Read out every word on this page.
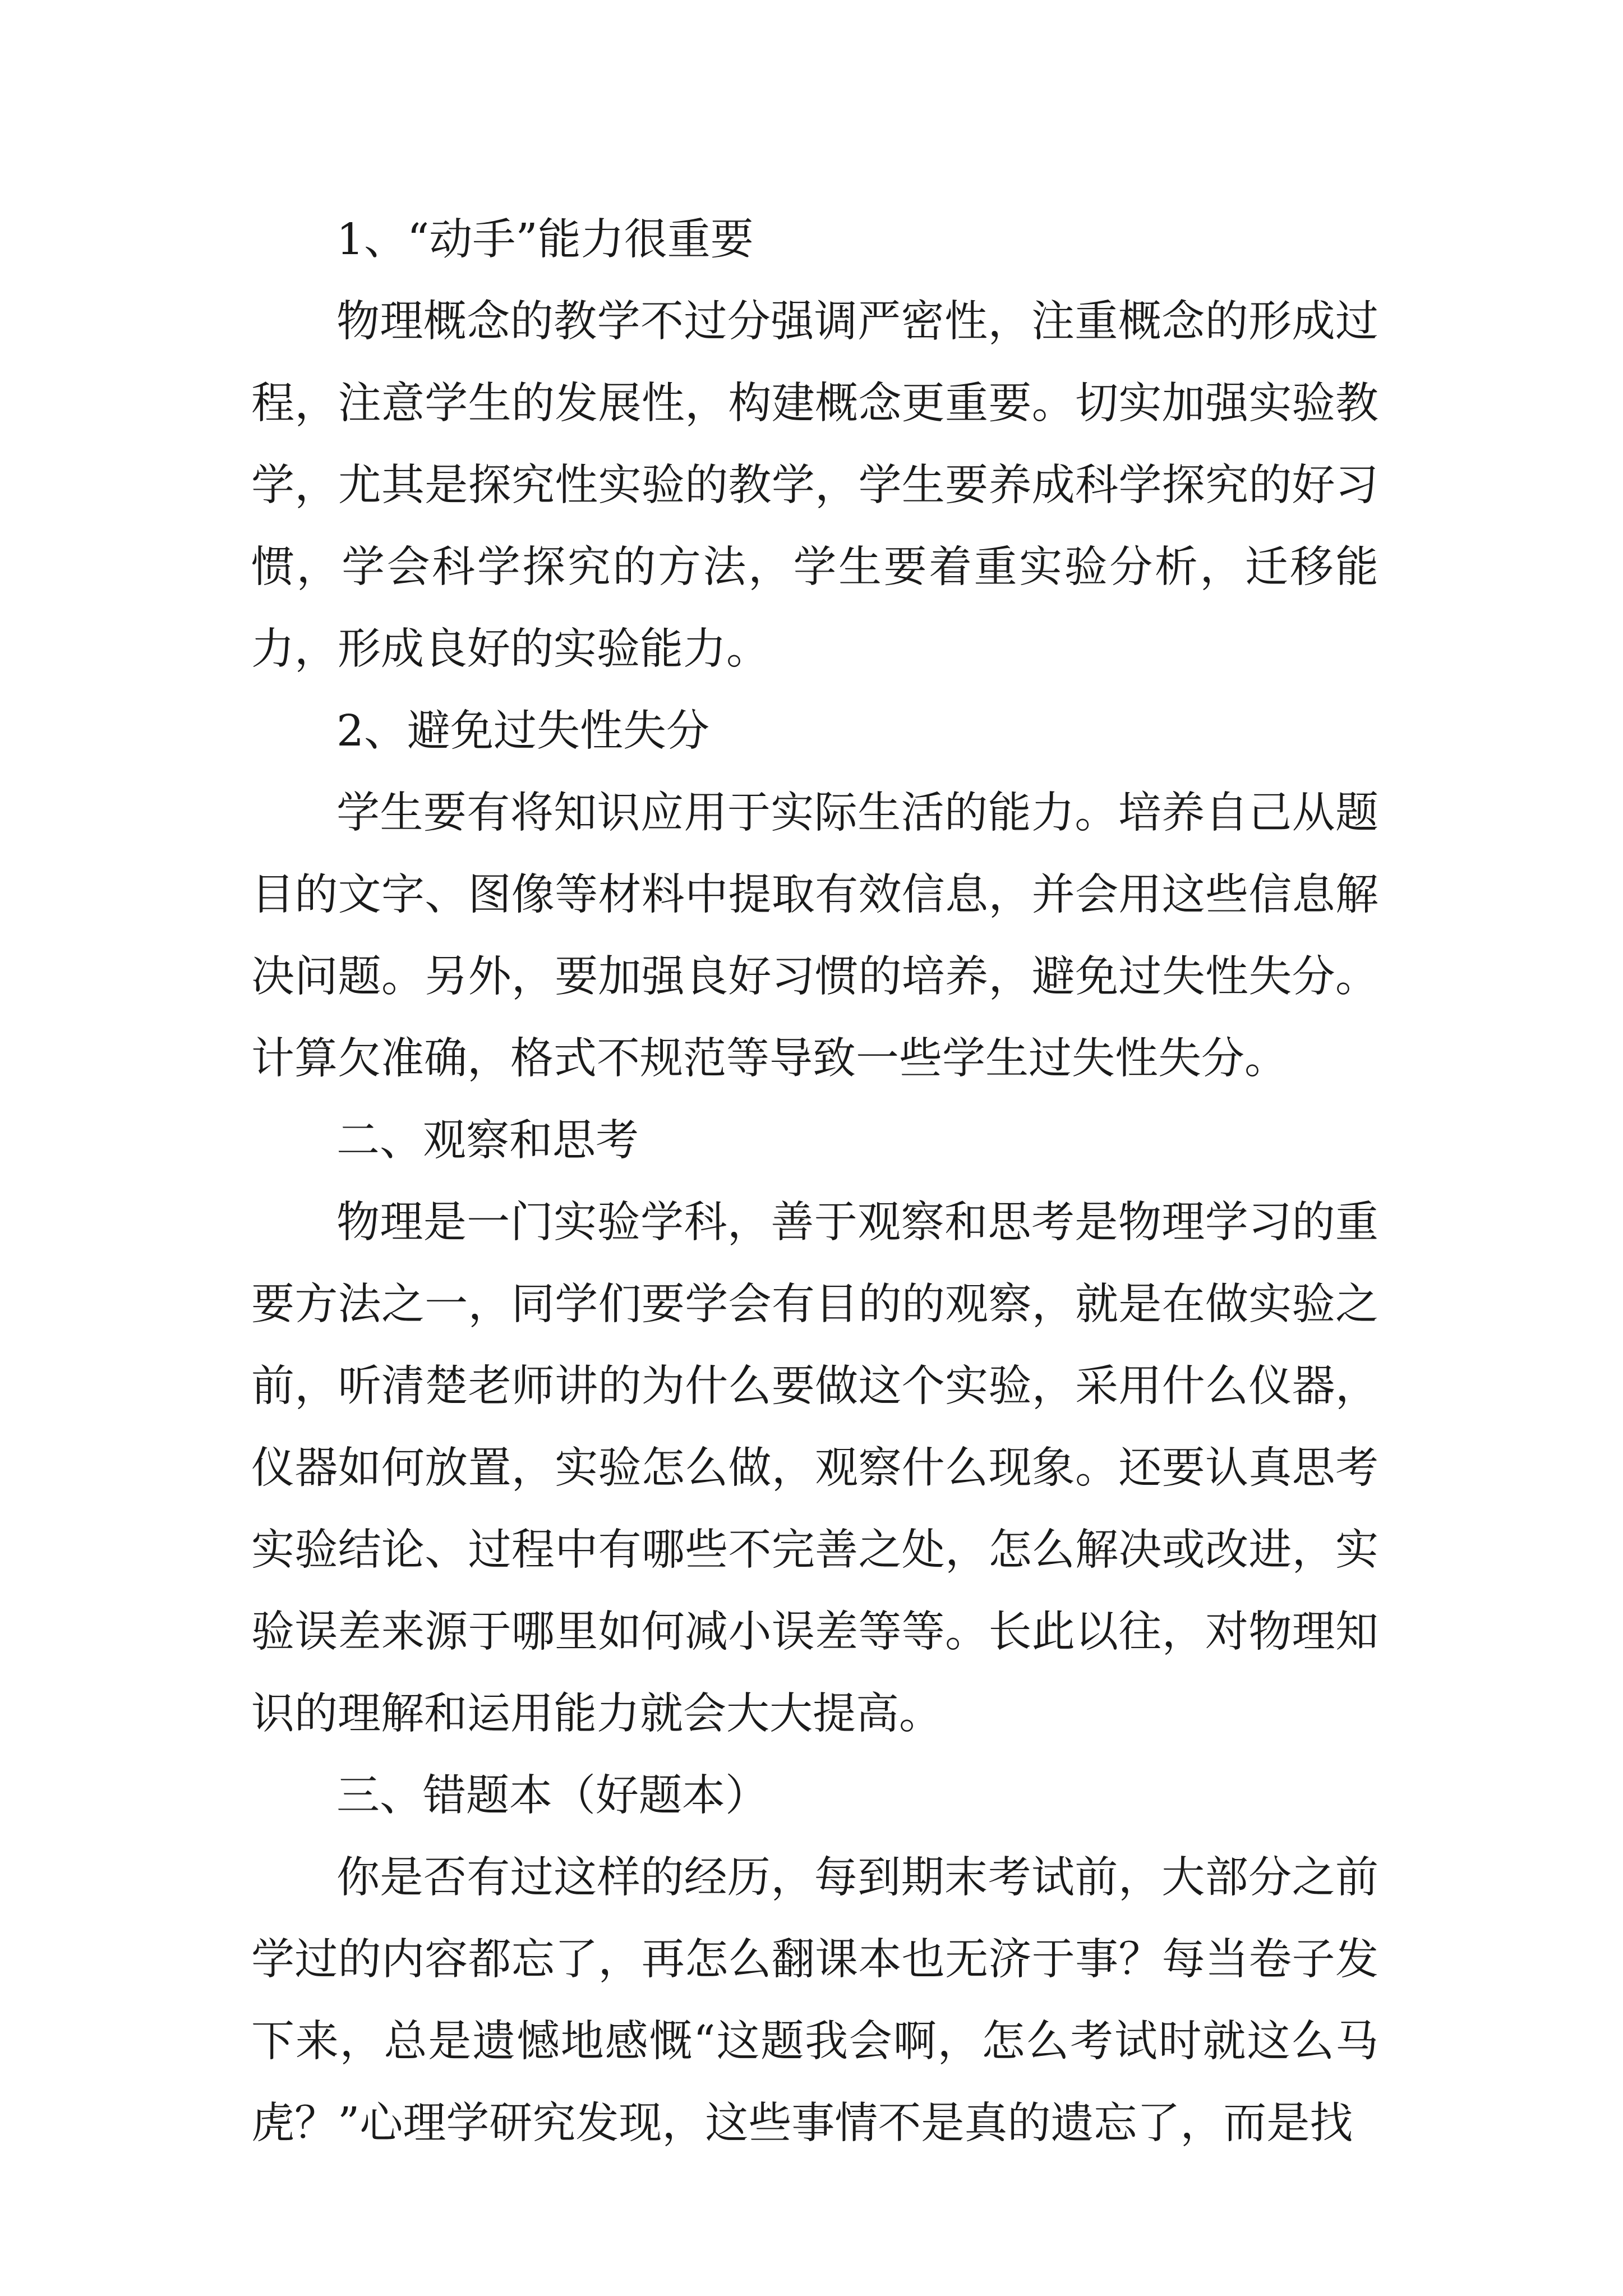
1、“动手”能力很重要

物理概念的教学不过分强调严密性，注重概念的形成过程，注意学生的发展性，构建概念更重要。切实加强实验教学，尤其是探究性实验的教学，学生要养成科学探究的好习惯，学会科学探究的方法，学生要着重实验分析，迁移能力，形成良好的实验能力。

2、避免过失性失分

学生要有将知识应用于实际生活的能力。培养自己从题目的文字、图像等材料中提取有效信息，并会用这些信息解决问题。另外，要加强良好习惯的培养，避免过失性失分。计算欠准确，格式不规范等导致一些学生过失性失分。

二、观察和思考

物理是一门实验学科，善于观察和思考是物理学习的重要方法之一，同学们要学会有目的的观察，就是在做实验之前，听清楚老师讲的为什么要做这个实验，采用什么仪器，仪器如何放置，实验怎么做，观察什么现象。还要认真思考实验结论、过程中有哪些不完善之处，怎么解决或改进，实验误差来源于哪里如何减小误差等等。长此以往，对物理知识的理解和运用能力就会大大提高。

三、错题本（好题本）

你是否有过这样的经历，每到期末考试前，大部分之前学过的内容都忘了，再怎么翻课本也无济于事？每当卷子发下来，总是遗憾地感慨“这题我会啊，怎么考试时就这么马虎？”心理学研究发现，这些事情不是真的遗忘了，而是找
